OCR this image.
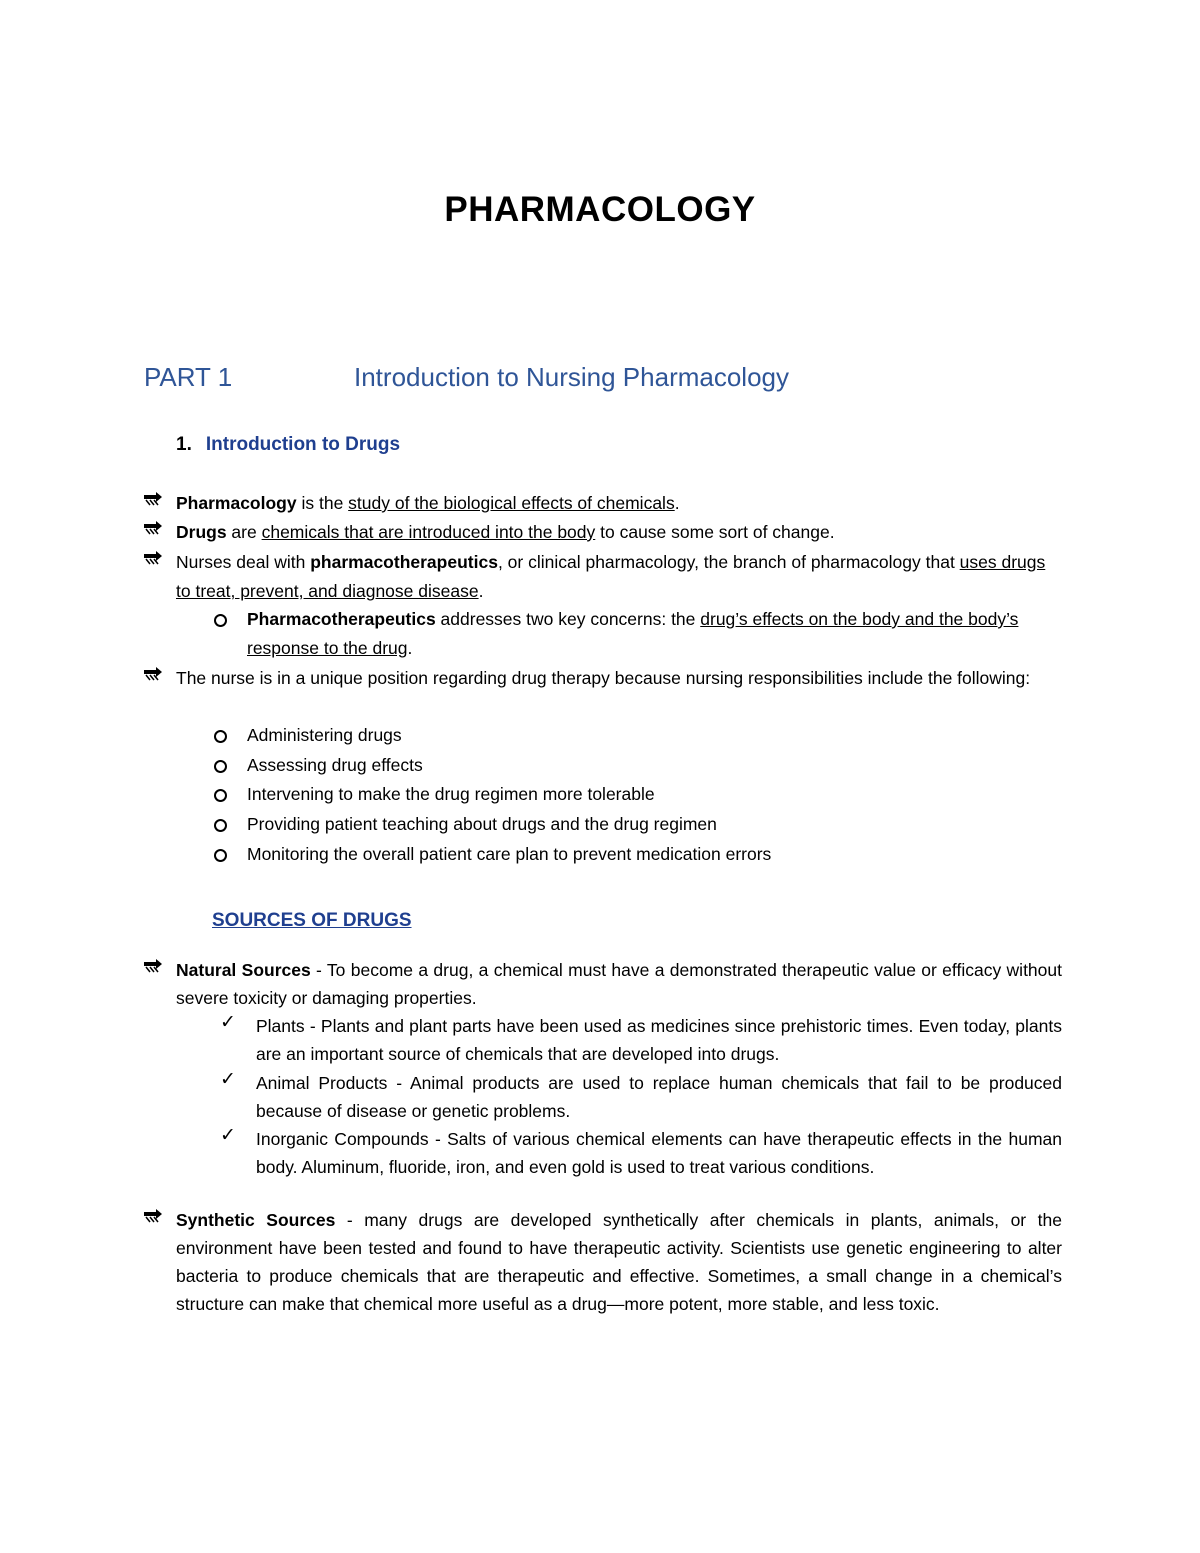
PHARMACOLOGY
PART 1	Introduction to Nursing Pharmacology
1. Introduction to Drugs
Pharmacology is the study of the biological effects of chemicals.
Drugs are chemicals that are introduced into the body to cause some sort of change.
Nurses deal with pharmacotherapeutics, or clinical pharmacology, the branch of pharmacology that uses drugs to treat, prevent, and diagnose disease.
Pharmacotherapeutics addresses two key concerns: the drug’s effects on the body and the body’s response to the drug.
The nurse is in a unique position regarding drug therapy because nursing responsibilities include the following:
Administering drugs
Assessing drug effects
Intervening to make the drug regimen more tolerable
Providing patient teaching about drugs and the drug regimen
Monitoring the overall patient care plan to prevent medication errors
SOURCES OF DRUGS
Natural Sources - To become a drug, a chemical must have a demonstrated therapeutic value or efficacy without severe toxicity or damaging properties.
✓ Plants - Plants and plant parts have been used as medicines since prehistoric times. Even today, plants are an important source of chemicals that are developed into drugs.
✓ Animal Products - Animal products are used to replace human chemicals that fail to be produced because of disease or genetic problems.
✓ Inorganic Compounds - Salts of various chemical elements can have therapeutic effects in the human body. Aluminum, fluoride, iron, and even gold is used to treat various conditions.
Synthetic Sources - many drugs are developed synthetically after chemicals in plants, animals, or the environment have been tested and found to have therapeutic activity. Scientists use genetic engineering to alter bacteria to produce chemicals that are therapeutic and effective. Sometimes, a small change in a chemical’s structure can make that chemical more useful as a drug—more potent, more stable, and less toxic.
